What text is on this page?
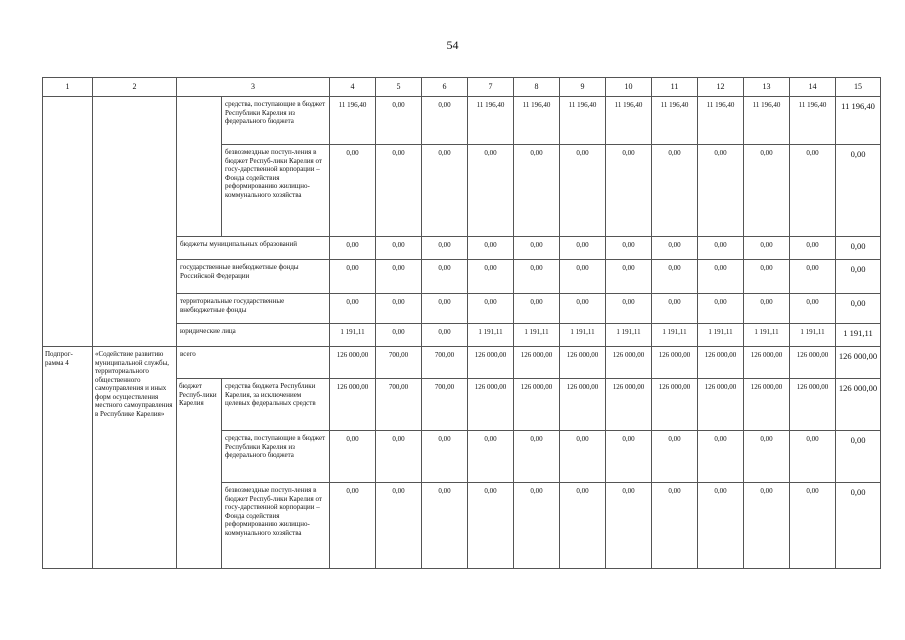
54
1	2	3		4	5	6	7	8	9	10	11	12	13	14	15
			средства, поступающие в бюджет Республики Карелия из федерального бюджета	11 196,40	0,00	0,00	11 196,40	11 196,40	11 196,40	11 196,40	11 196,40	11 196,40	11 196,40	11 196,40	11 196,40
			безвозмездные поступ-ления в бюджет Респуб-лики Карелия от госу-дарственной корпорации – Фонда содействия реформированию жилищно-коммунального хозяйства	0,00	0,00	0,00	0,00	0,00	0,00	0,00	0,00	0,00	0,00	0,00	0,00
		бюджеты муниципальных образований		0,00	0,00	0,00	0,00	0,00	0,00	0,00	0,00	0,00	0,00	0,00	0,00
		государственные внебюджетные фонды Российской Федерации		0,00	0,00	0,00	0,00	0,00	0,00	0,00	0,00	0,00	0,00	0,00	0,00
		территориальные государственные внебюджетные фонды		0,00	0,00	0,00	0,00	0,00	0,00	0,00	0,00	0,00	0,00	0,00	0,00
		юридические лица		1 191,11	0,00	0,00	1 191,11	1 191,11	1 191,11	1 191,11	1 191,11	1 191,11	1 191,11	1 191,11	1 191,11
Подпрог-рамма 4	«Содействие развитию муниципальной службы, территориального общественного самоуправления и иных форм осуществления местного самоуправления в Республике Карелия»	всего		126 000,00	700,00	700,00	126 000,00	126 000,00	126 000,00	126 000,00	126 000,00	126 000,00	126 000,00	126 000,00	126 000,00
		бюджет Респуб-лики Карелия	средства бюджета Республики Карелия, за исключением целевых федеральных средств	126 000,00	700,00	700,00	126 000,00	126 000,00	126 000,00	126 000,00	126 000,00	126 000,00	126 000,00	126 000,00	126 000,00
			средства, поступающие в бюджет Республики Карелия из федерального бюджета	0,00	0,00	0,00	0,00	0,00	0,00	0,00	0,00	0,00	0,00	0,00	0,00
			безвозмездные поступ-ления в бюджет Респуб-лики Карелия от госу-дарственной корпорации – Фонда содействия реформированию жилищно-коммунального хозяйства	0,00	0,00	0,00	0,00	0,00	0,00	0,00	0,00	0,00	0,00	0,00	0,00
